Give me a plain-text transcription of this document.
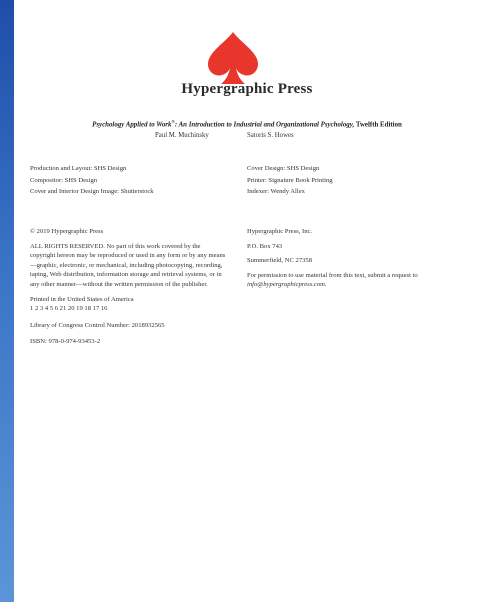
Hypergraphic Press
Psychology Applied to Work®: An Introduction to Industrial and Organizational Psychology, Twelfth Edition
Paul M. Muchinsky	Satoris S. Howes

Production and Layout: SHS Design

Compositor: SHS Design

Cover and Interior Design Image: Shutterstock

Cover Design: SHS Design

Printer: Signature Book Printing

Indexer: Wendy Allex

© 2019 Hypergraphic Press

ALL RIGHTS RESERVED. No part of this work covered by the copyright hereon may be reproduced or used in any form or by any means—graphic, electronic, or mechanical, including photocopying, recording, taping, Web distribution, information storage and retrieval systems, or in any other manner—without the written permission of the publisher.

Printed in the United States of America

1 2 3 4 5 6 21 20 19 18 17 16

Library of Congress Control Number: 2018932565

ISBN: 978-0-974-93453-2

Hypergraphic Press, Inc.

P.O. Box 743

Summerfield, NC 27358

For permission to use material from this text, submit a request to info@hypergraphicpress.com.
